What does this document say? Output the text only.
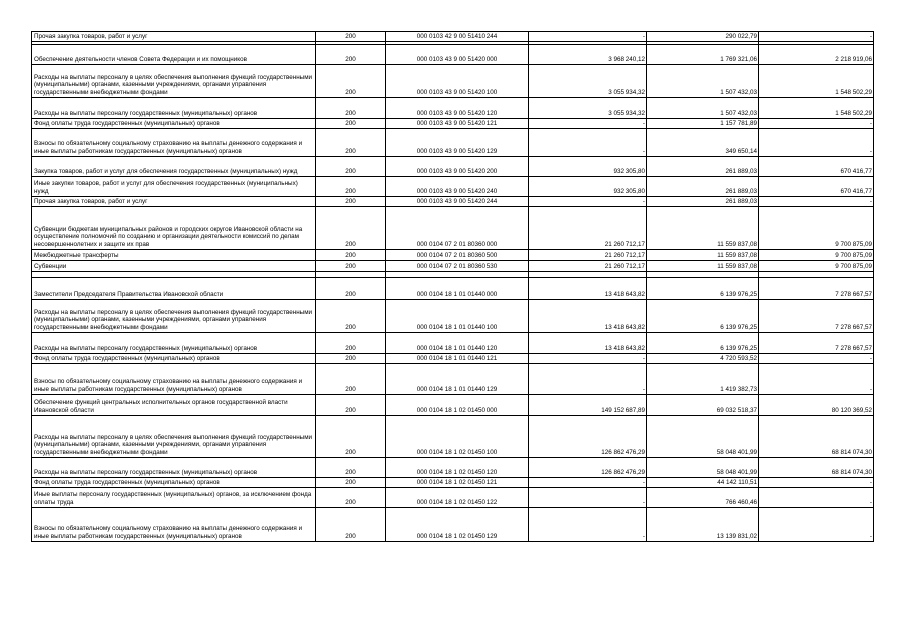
Прочая закупка товаров, работ и услуг	200	000 0103 42 9 00 51410 244	-	290 022,79	-

Обеспечение деятельности членов Совета Федерации и их помощников	200	000 0103 43 9 00 51420 000	3 968 240,12	1 769 321,06	2 218 919,06
Расходы на выплаты персоналу в целях обеспечения выполнения функций государственными (муниципальными) органами, казенными учреждениями, органами управления государственными внебюджетными фондами	200	000 0103 43 9 00 51420 100	3 055 934,32	1 507 432,03	1 548 502,29
Расходы на выплаты персоналу государственных (муниципальных) органов	200	000 0103 43 9 00 51420 120	3 055 934,32	1 507 432,03	1 548 502,29
Фонд оплаты труда государственных (муниципальных) органов	200	000 0103 43 9 00 51420 121	-	1 157 781,89	-
Взносы по обязательному социальному страхованию на выплаты денежного содержания и иные выплаты работникам государственных (муниципальных) органов	200	000 0103 43 9 00 51420 129	-	349 650,14	-
Закупка товаров, работ и услуг для обеспечения государственных (муниципальных) нужд	200	000 0103 43 9 00 51420 200	932 305,80	261 889,03	670 416,77
Иные закупки товаров, работ и услуг для обеспечения государственных (муниципальных) нужд	200	000 0103 43 9 00 51420 240	932 305,80	261 889,03	670 416,77
Прочая закупка товаров, работ и услуг	200	000 0103 43 9 00 51420 244	-	261 889,03	-
Субвенции бюджетам муниципальных районов и городских округов Ивановской области на осуществление полномочий по созданию и организации деятельности комиссий по делам несовершеннолетних и защите их прав	200	000 0104 07 2 01 80360 000	21 260 712,17	11 559 837,08	9 700 875,09
Межбюджетные трансферты	200	000 0104 07 2 01 80360 500	21 260 712,17	11 559 837,08	9 700 875,09
Субвенции	200	000 0104 07 2 01 80360 530	21 260 712,17	11 559 837,08	9 700 875,09

Заместители Председателя Правительства Ивановской области	200	000 0104 18 1 01 01440 000	13 418 643,82	6 139 976,25	7 278 667,57
Расходы на выплаты персоналу в целях обеспечения выполнения функций государственными (муниципальными) органами, казенными учреждениями, органами управления государственными внебюджетными фондами	200	000 0104 18 1 01 01440 100	13 418 643,82	6 139 976,25	7 278 667,57
Расходы на выплаты персоналу государственных (муниципальных) органов	200	000 0104 18 1 01 01440 120	13 418 643,82	6 139 976,25	7 278 667,57
Фонд оплаты труда государственных (муниципальных) органов	200	000 0104 18 1 01 01440 121	-	4 720 593,52	-
Взносы по обязательному социальному страхованию на выплаты денежного содержания и иные выплаты работникам государственных (муниципальных) органов	200	000 0104 18 1 01 01440 129	-	1 419 382,73	-
Обеспечение функций центральных исполнительных органов государственной власти Ивановской области	200	000 0104 18 1 02 01450 000	149 152 687,89	69 032 518,37	80 120 369,52
Расходы на выплаты персоналу в целях обеспечения выполнения функций государственными (муниципальными) органами, казенными учреждениями, органами управления государственными внебюджетными фондами	200	000 0104 18 1 02 01450 100	126 862 476,29	58 048 401,99	68 814 074,30
Расходы на выплаты персоналу государственных (муниципальных) органов	200	000 0104 18 1 02 01450 120	126 862 476,29	58 048 401,99	68 814 074,30
Фонд оплаты труда государственных (муниципальных) органов	200	000 0104 18 1 02 01450 121	-	44 142 110,51	-
Иные выплаты персоналу государственных (муниципальных) органов, за исключением фонда оплаты труда	200	000 0104 18 1 02 01450 122	-	766 460,46	-
Взносы по обязательному социальному страхованию на выплаты денежного содержания и иные выплаты работникам государственных (муниципальных) органов	200	000 0104 18 1 02 01450 129	-	13 139 831,02	-
